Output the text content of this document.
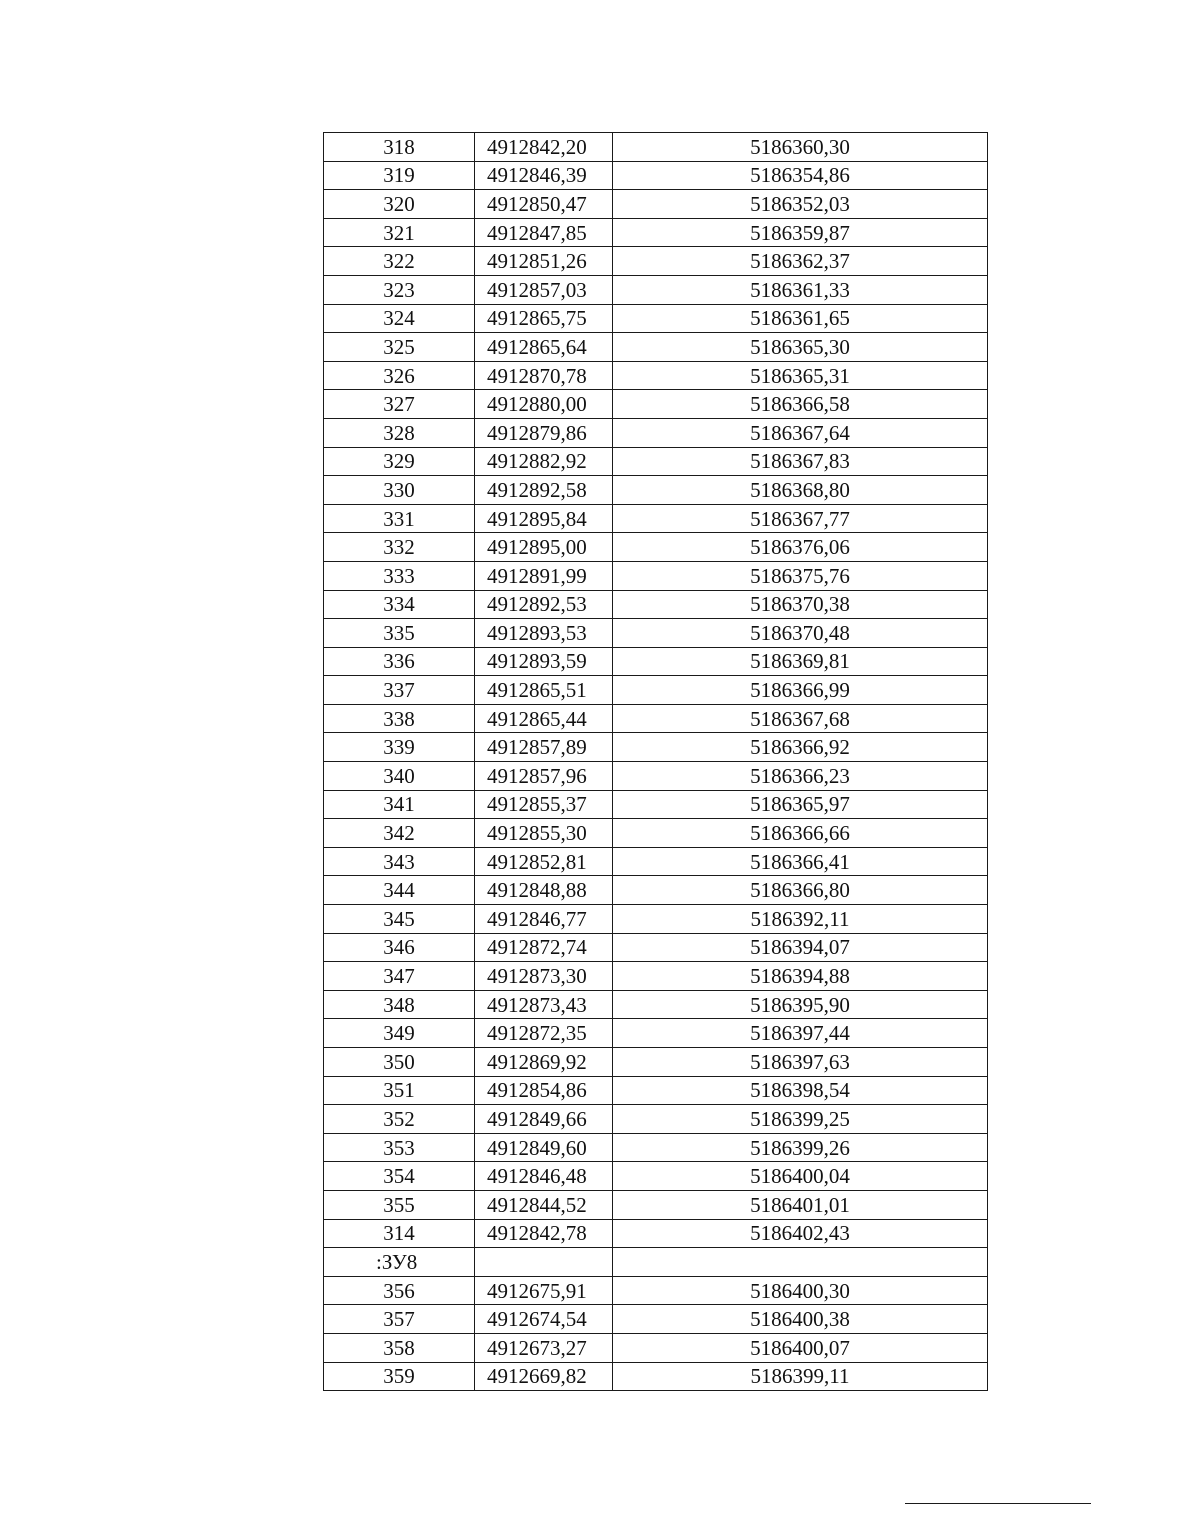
318	4912842,20	5186360,30
319	4912846,39	5186354,86
320	4912850,47	5186352,03
321	4912847,85	5186359,87
322	4912851,26	5186362,37
323	4912857,03	5186361,33
324	4912865,75	5186361,65
325	4912865,64	5186365,30
326	4912870,78	5186365,31
327	4912880,00	5186366,58
328	4912879,86	5186367,64
329	4912882,92	5186367,83
330	4912892,58	5186368,80
331	4912895,84	5186367,77
332	4912895,00	5186376,06
333	4912891,99	5186375,76
334	4912892,53	5186370,38
335	4912893,53	5186370,48
336	4912893,59	5186369,81
337	4912865,51	5186366,99
338	4912865,44	5186367,68
339	4912857,89	5186366,92
340	4912857,96	5186366,23
341	4912855,37	5186365,97
342	4912855,30	5186366,66
343	4912852,81	5186366,41
344	4912848,88	5186366,80
345	4912846,77	5186392,11
346	4912872,74	5186394,07
347	4912873,30	5186394,88
348	4912873,43	5186395,90
349	4912872,35	5186397,44
350	4912869,92	5186397,63
351	4912854,86	5186398,54
352	4912849,66	5186399,25
353	4912849,60	5186399,26
354	4912846,48	5186400,04
355	4912844,52	5186401,01
314	4912842,78	5186402,43
:ЗУ8		
356	4912675,91	5186400,30
357	4912674,54	5186400,38
358	4912673,27	5186400,07
359	4912669,82	5186399,11
